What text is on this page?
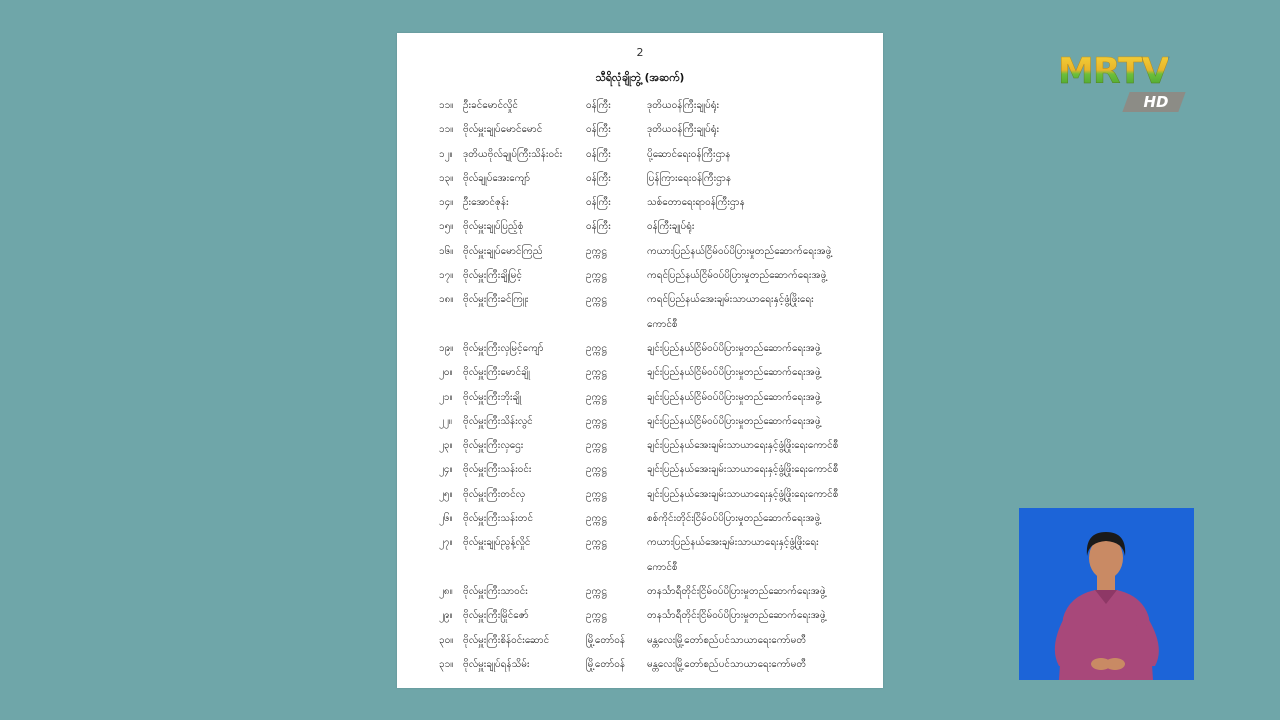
2
သီရိလုံချိုဘွဲ့ (အဆက်)
၁၁။ ဦးခင်မောင်လှိုင်	ဝန်ကြီး	ဒုတိယဝန်ကြီးချုပ်ရုံး
၁၁။ ဗိုလ်မှူးချုပ်မောင်မောင်	ဝန်ကြီး	ဒုတိယဝန်ကြီးချုပ်ရုံး
၁၂။	ဒုတိယဗိုလ်ချုပ်ကြီးသိန်းဝင်း	ဝန်ကြီး	ပို့ဆောင်ရေးဝန်ကြီးဌာန
၁၃။ ဗိုလ်ချုပ်အေးကျော်	ဝန်ကြီး	ပြန်ကြားရေးဝန်ကြီးဌာန
၁၄။ ဦးအောင်ဇုန်း	ဝန်ကြီး	သစ်တောရေးရာဝန်ကြီးဌာန
၁၅။ ဗိုလ်မှူးချုပ်ပြည့်စုံ	ဝန်ကြီး	ဝန်ကြီးချုပ်ရုံး
၁၆။ ဗိုလ်မှူးချုပ်မောင်ကြည်	ဥက္ကဋ္ဌ	ကယားပြည်နယ်ငြိမ်ဝပ်ပိပြားမှုတည်ဆောက်ရေးအဖွဲ့
၁၇။ ဗိုလ်မှူးကြီးချိုမြင့်	ဥက္ကဋ္ဌ	ကရင်ပြည်နယ်ငြိမ်ဝပ်ပိပြားမှုတည်ဆောက်ရေးအဖွဲ့
၁၈။ ဗိုလ်မှူးကြီးခင်ကြူး	ဥက္ကဋ္ဌ	ကရင်ပြည်နယ်အေးချမ်းသာယာရေးနှင့်ဖွံ့ဖြိုးရေး
ကောင်စီ
၁၉။ ဗိုလ်မှူးကြီးလှမြင့်ကျော်	ဥက္ကဋ္ဌ	ချင်းပြည်နယ်ငြိမ်ဝပ်ပိပြားမှုတည်ဆောက်ရေးအဖွဲ့
၂၀။	ဗိုလ်မှူးကြီးမောင်ချို	ဥက္ကဋ္ဌ	ချင်းပြည်နယ်ငြိမ်ဝပ်ပိပြားမှုတည်ဆောက်ရေးအဖွဲ့
၂၁။	ဗိုလ်မှူးကြီးဘိုးချို	ဥက္ကဋ္ဌ	ချင်းပြည်နယ်ငြိမ်ဝပ်ပိပြားမှုတည်ဆောက်ရေးအဖွဲ့
၂၂။	ဗိုလ်မှူးကြီးသိန်းလွင်	ဥက္ကဋ္ဌ	ချင်းပြည်နယ်ငြိမ်ဝပ်ပိပြားမှုတည်ဆောက်ရေးအဖွဲ့
၂၃။	ဗိုလ်မှူးကြီးလှဌေး	ဥက္ကဋ္ဌ	ချင်းပြည်နယ်အေးချမ်းသာယာရေးနှင့်ဖွံ့ဖြိုးရေးကောင်စီ
၂၄။	ဗိုလ်မှူးကြီးသန်းဝင်း	ဥက္ကဋ္ဌ	ချင်းပြည်နယ်အေးချမ်းသာယာရေးနှင့်ဖွံ့ဖြိုးရေးကောင်စီ
၂၅။	ဗိုလ်မှူးကြီးတင်လှ	ဥက္ကဋ္ဌ	ချင်းပြည်နယ်အေးချမ်းသာယာရေးနှင့်ဖွံ့ဖြိုးရေးကောင်စီ
၂၆။	ဗိုလ်မှူးကြီးသန်းတင်	ဥက္ကဋ္ဌ	စစ်ကိုင်းတိုင်းငြိမ်ဝပ်ပိပြားမှုတည်ဆောက်ရေးအဖွဲ့
၂၇။	ဗိုလ်မှူးချုပ်ညွန့်လှိုင်	ဥက္ကဋ္ဌ	ကယားပြည်နယ်အေးချမ်းသာယာရေးနှင့်ဖွံ့ဖြိုးရေး
ကောင်စီ
၂၈။	ဗိုလ်မှူးကြီးသာဝင်း	ဥက္ကဋ္ဌ	တနင်္သာရီတိုင်းငြိမ်ဝပ်ပိပြားမှုတည်ဆောက်ရေးအဖွဲ့
၂၉။	ဗိုလ်မှူးကြီးမြိုင်ဇော်	ဥက္ကဋ္ဌ	တနင်္သာရီတိုင်းငြိမ်ဝပ်ပိပြားမှုတည်ဆောက်ရေးအဖွဲ့
၃၀။ ဗိုလ်မှူးကြီးစိန်ဝင်းဆောင်	မြို့တော်ဝန်	မန္တလေးမြို့တော်စည်ပင်သာယာရေးကော်မတီ
၃၁။ ဗိုလ်မှူးချုပ်ရန်သိမ်း	မြို့တော်ဝန်	မန္တလေးမြို့တော်စည်ပင်သာယာရေးကော်မတီ
MRTV
HD
